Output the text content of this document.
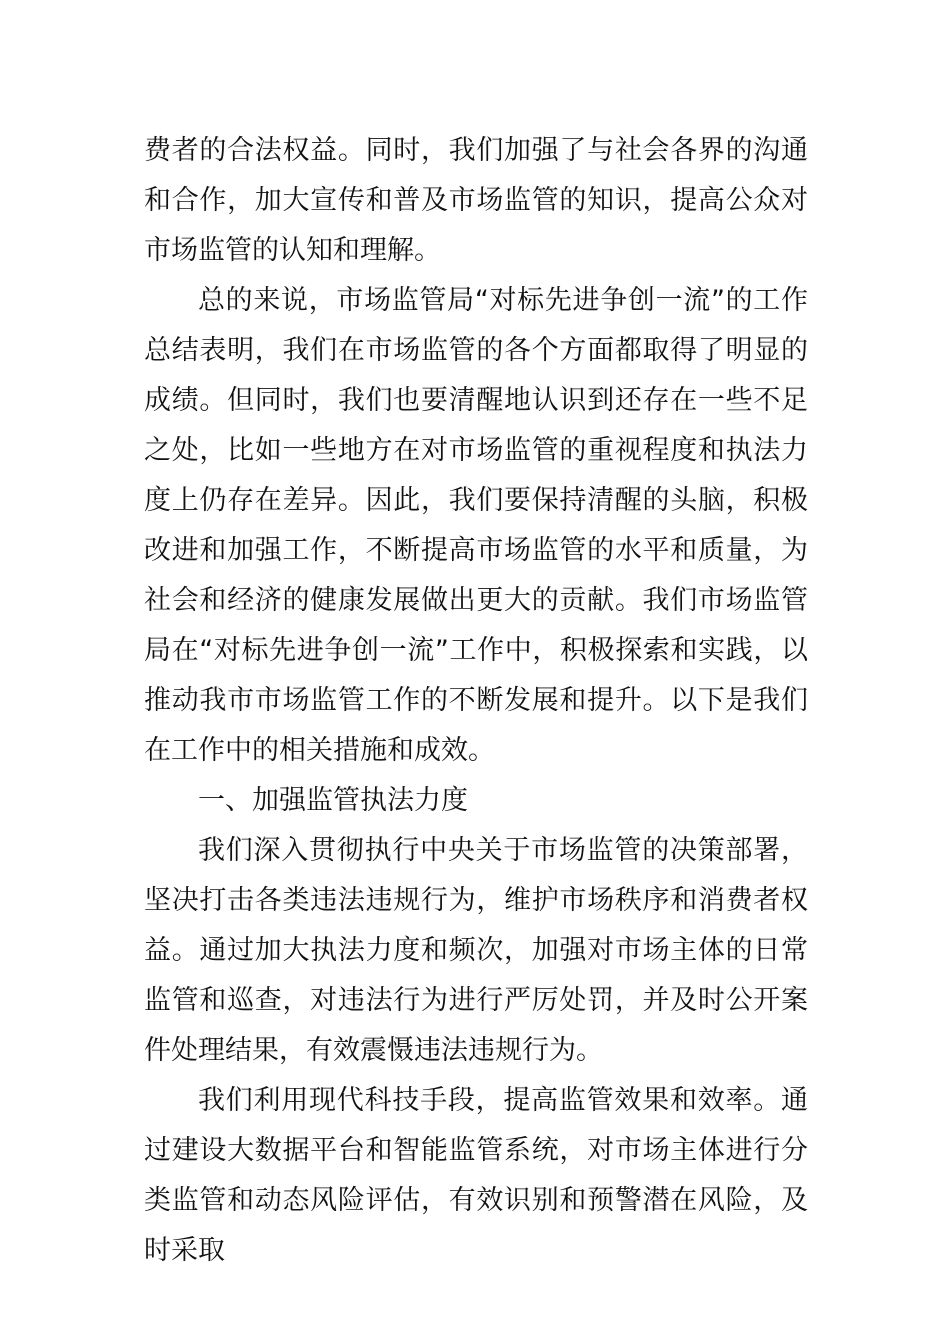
费者的合法权益。同时，我们加强了与社会各界的沟通和合作，加大宣传和普及市场监管的知识，提高公众对市场监管的认知和理解。

总的来说，市场监管局“对标先进争创一流”的工作总结表明，我们在市场监管的各个方面都取得了明显的成绩。但同时，我们也要清醒地认识到还存在一些不足之处，比如一些地方在对市场监管的重视程度和执法力度上仍存在差异。因此，我们要保持清醒的头脑，积极改进和加强工作，不断提高市场监管的水平和质量，为社会和经济的健康发展做出更大的贡献。我们市场监管局在“对标先进争创一流”工作中，积极探索和实践，以推动我市市场监管工作的不断发展和提升。以下是我们在工作中的相关措施和成效。

一、加强监管执法力度

我们深入贯彻执行中央关于市场监管的决策部署，坚决打击各类违法违规行为，维护市场秩序和消费者权益。通过加大执法力度和频次，加强对市场主体的日常监管和巡查，对违法行为进行严厉处罚，并及时公开案件处理结果，有效震慑违法违规行为。

我们利用现代科技手段，提高监管效果和效率。通过建设大数据平台和智能监管系统，对市场主体进行分类监管和动态风险评估，有效识别和预警潜在风险，及时采取
